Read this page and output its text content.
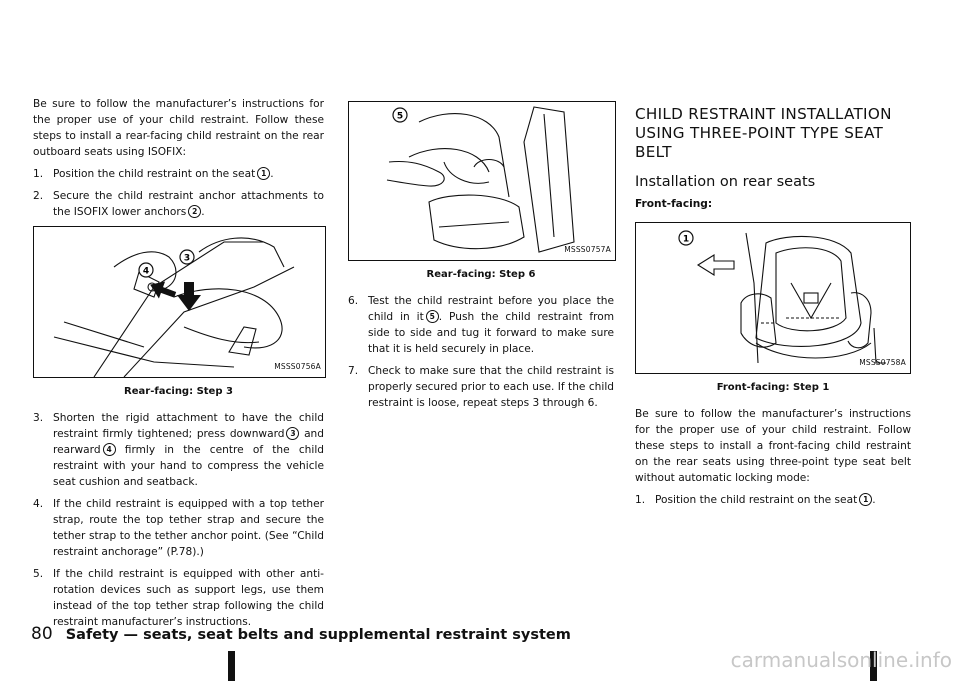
Be sure to follow the manufacturer’s instructions for the proper use of your child restraint. Follow these steps to install a rear-facing child restraint on the rear outboard seats using ISOFIX:

1. Position the child restraint on the seat 1 .
2. Secure the child restraint anchor attachments to the ISOFIX lower anchors 2 .
3
4
MSSS0756A
Rear-facing: Step 3
3. Shorten the rigid attachment to have the child restraint firmly tightened; press downward 3 and rearward 4 firmly in the centre of the child restraint with your hand to compress the vehicle seat cushion and seatback.
4. If the child restraint is equipped with a top tether strap, route the top tether strap and secure the tether strap to the tether anchor point. (See “Child restraint anchorage” (P.78).)
5. If the child restraint is equipped with other anti-rotation devices such as support legs, use them instead of the top tether strap following the child restraint manufacturer’s instructions.
5
MSSS0757A
Rear-facing: Step 6
6. Test the child restraint before you place the child in it 5 . Push the child restraint from side to side and tug it forward to make sure that it is held securely in place.
7. Check to make sure that the child restraint is properly secured prior to each use. If the child restraint is loose, repeat steps 3 through 6.
CHILD RESTRAINT INSTALLATION USING THREE-POINT TYPE SEAT BELT
Installation on rear seats
Front-facing:
1
MSSS0758A
Front-facing: Step 1

Be sure to follow the manufacturer’s instructions for the proper use of your child restraint. Follow these steps to install a front-facing child restraint on the rear seats using three-point type seat belt without automatic locking mode:

1. Position the child restraint on the seat 1 .
80 Safety — seats, seat belts and supplemental restraint system
carmanualsonline.info
